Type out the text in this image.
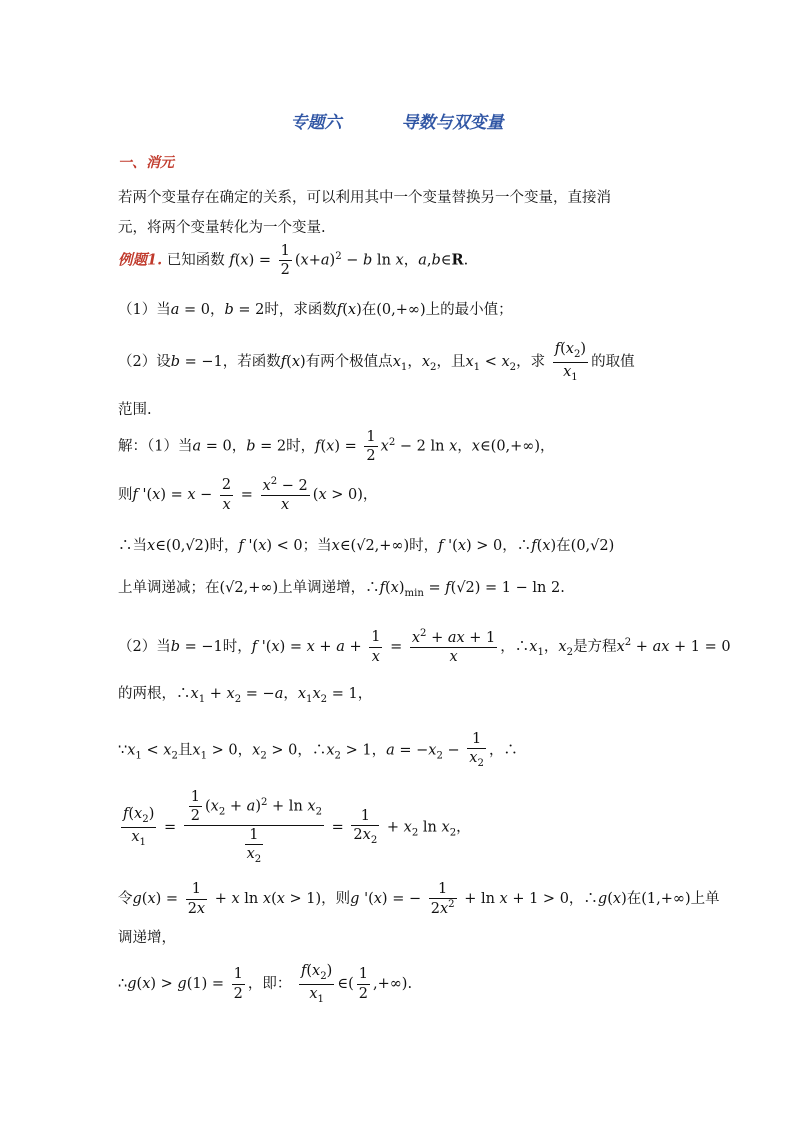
专题六	导数与双变量
一、消元
若两个变量存在确定的关系，可以利用其中一个变量替换另一个变量，直接消
元，将两个变量转化为一个变量.
例题1. 已知函数 $f(x) = \frac{1}{2} (x+a)^2 - b$ ln x，a,b∈R.
（1）当a = 0，b = 2时，求函数f(x)在(0,+∞)上的最小值；
（2）设b = −1，若函数f(x)有两个极值点$x_1$，$x_2$，且$x_1 < x_2$，求 $\frac{f(x_2)}{x_1}$ 的取值
范围.
解：（1）当a = 0，b = 2时，$f(x) = \frac{1}{2} x^2 - 2$ ln x，x∈(0,+∞)，
则f '$(x) = x - \frac{2}{x} = \frac{x^2 - 2}{x} (x > 0)$，
∴当x∈(0,√2)时，f '(x) < 0；当x∈(√2,+∞)时，f '(x) > 0，∴f(x)在(0,√2)
上单调递减；在(√2,+∞)上单调递增，$\therefore f(x)_{min} = f(√2) = 1 - \ln 2$.
（2）当b = −1时，f '$(x) = x + a + \frac{1}{x} = \frac{x^2 + ax + 1}{x}$ ，$\therefore x_1$，$x_2$是方程$x^2$ + ax + 1 = 0
的两根，$\therefore x_1 + x_2 = -a$，$x_1x_2 = 1$，
$\because x_1 < x_2$且$x_1 > 0$，$x_2 > 0$，$\therefore x_2 > 1$，$a = -x_2 - \frac{1}{x_2}$ ，∴
$\frac{f(x_2)}{x_1} = \frac{\frac{1}{2} (x_2 + a)^2 + \ln x_2}{\frac{1}{x_2}} = \frac{1}{2x_2} + x_2$ $\ln x_2$，
令$g(x) = \frac{1}{2x} + x$ ln x(x > 1)，则g '(x) = − $\frac{1}{2x^2} + \ln x + 1 > 0$，∴g(x)在(1,+∞)上单
调递增，
∴g(x) > $g(1) = \frac{1}{2}$ ，即： $\frac{f(x_2)}{x_1}$ ∈( $\frac{1}{2}$ ,+∞).
